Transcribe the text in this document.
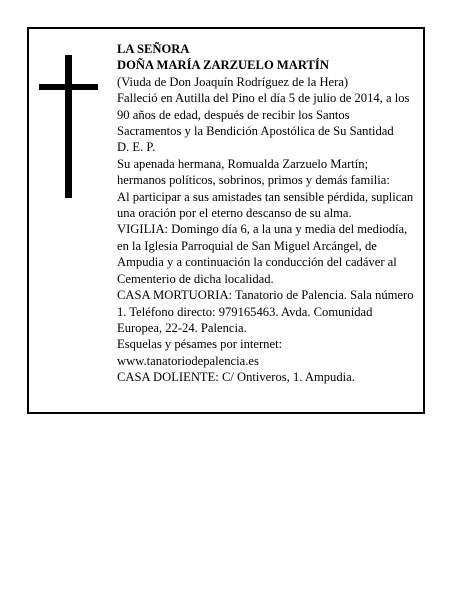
LA SEÑORA

DOÑA MARÍA ZARZUELO MARTÍN

(Viuda de Don Joaquín Rodríguez de la Hera)

Falleció en Autilla del Pino el día 5 de julio de 2014, a los 90 años de edad, después de recibir los Santos Sacramentos y la Bendición Apostólica de Su Santidad

D. E. P.

Su apenada hermana, Romualda Zarzuelo Martín; hermanos políticos, sobrinos, primos y demás familia:

Al participar a sus amistades tan sensible pérdida, suplican una oración por el eterno descanso de su alma.

VIGILIA: Domingo día 6, a la una y media del mediodía, en la Iglesia Parroquial de San Miguel Arcángel, de Ampudia y a continuación la conducción del cadáver al Cementerio de dicha localidad.

CASA MORTUORIA: Tanatorio de Palencia. Sala número 1. Teléfono directo: 979165463. Avda. Comunidad Europea, 22-24. Palencia.

Esquelas y pésames por internet:

www.tanatoriodepalencia.es

CASA DOLIENTE: C/ Ontiveros, 1. Ampudia.
